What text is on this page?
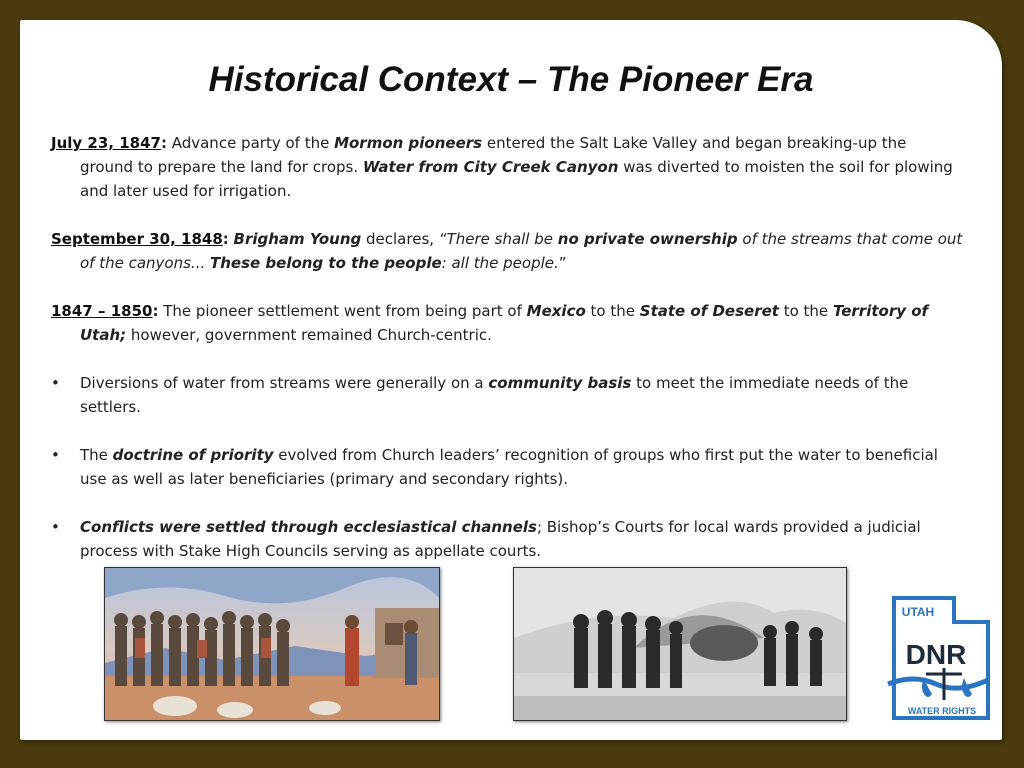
Historical Context – The Pioneer Era

July 23, 1847: Advance party of the Mormon pioneers entered the Salt Lake Valley and began breaking-up the ground to prepare the land for crops. Water from City Creek Canyon was diverted to moisten the soil for plowing and later used for irrigation.

September 30, 1848: Brigham Young declares, “There shall be no private ownership of the streams that come out of the canyons... These belong to the people: all the people.”

1847 – 1850: The pioneer settlement went from being part of Mexico to the State of Deseret to the Territory of Utah; however, government remained Church-centric.

•	Diversions of water from streams were generally on a community basis to meet the immediate needs of the settlers.
•	The doctrine of priority evolved from Church leaders’ recognition of groups who first put the water to beneficial use as well as later beneficiaries (primary and secondary rights).
•	Conflicts were settled through ecclesiastical channels; Bishop’s Courts for local wards provided a judicial process with Stake High Councils serving as appellate courts.
UTAH
DNR
WATER RIGHTS
